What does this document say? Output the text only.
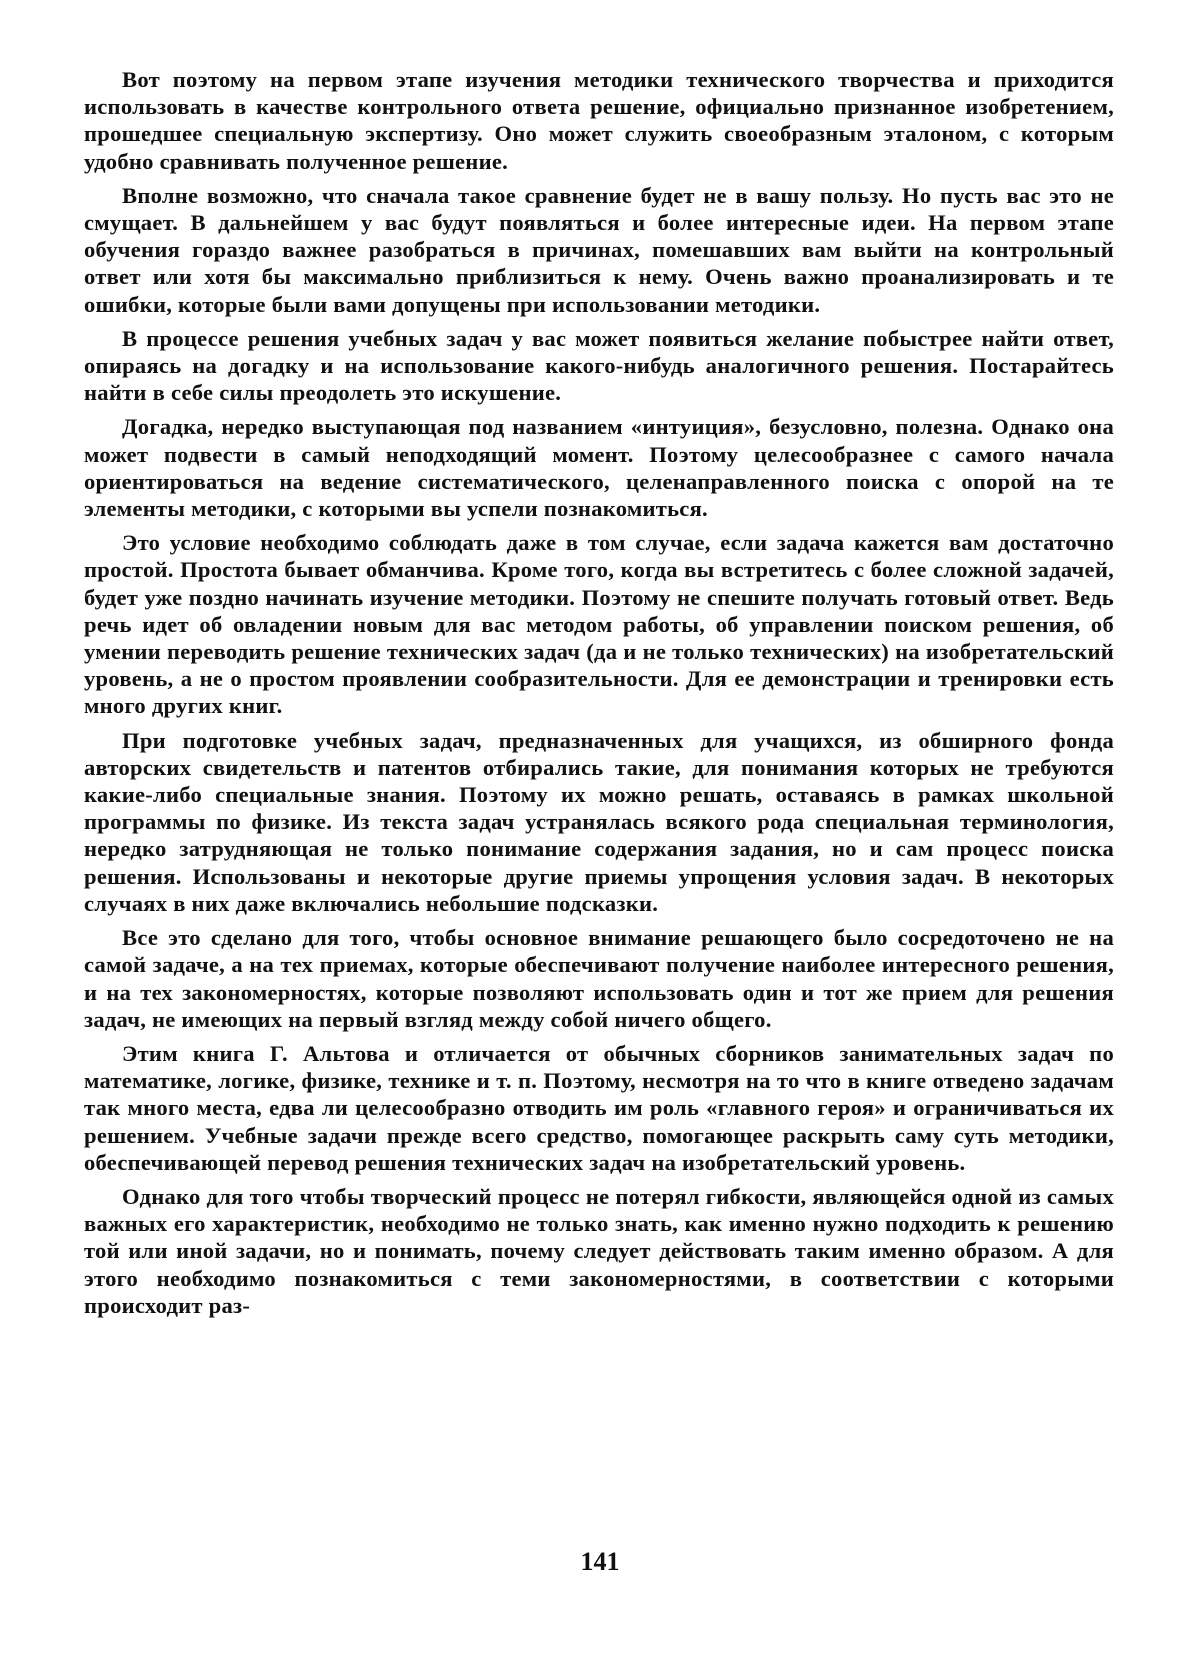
Вот поэтому на первом этапе изучения методики технического творчества и приходится использовать в качестве контрольного ответа решение, официально признанное изобретением, прошедшее специальную экспертизу. Оно может служить своеобразным эталоном, с которым удобно сравнивать полученное решение.

Вполне возможно, что сначала такое сравнение будет не в вашу пользу. Но пусть вас это не смущает. В дальнейшем у вас будут появляться и более интересные идеи. На первом этапе обучения гораздо важнее разобраться в причинах, помешавших вам выйти на контрольный ответ или хотя бы максимально приблизиться к нему. Очень важно проанализировать и те ошибки, которые были вами допущены при использовании методики.

В процессе решения учебных задач у вас может появиться желание побыстрее найти ответ, опираясь на догадку и на использование какого-нибудь аналогичного решения. Постарайтесь найти в себе силы преодолеть это искушение.

Догадка, нередко выступающая под названием «интуиция», безусловно, полезна. Однако она может подвести в самый неподходящий момент. Поэтому целесообразнее с самого начала ориентироваться на ведение систематического, целенаправленного поиска с опорой на те элементы методики, с которыми вы успели познакомиться.

Это условие необходимо соблюдать даже в том случае, если задача кажется вам достаточно простой. Простота бывает обманчива. Кроме того, когда вы встретитесь с более сложной задачей, будет уже поздно начинать изучение методики. Поэтому не спешите получать готовый ответ. Ведь речь идет об овладении новым для вас методом работы, об управлении поиском решения, об умении переводить решение технических задач (да и не только технических) на изобретательский уровень, а не о простом проявлении сообразительности. Для ее демонстрации и тренировки есть много других книг.

При подготовке учебных задач, предназначенных для учащихся, из обширного фонда авторских свидетельств и патентов отбирались такие, для понимания которых не требуются какие-либо специальные знания. Поэтому их можно решать, оставаясь в рамках школьной программы по физике. Из текста задач устранялась всякого рода специальная терминология, нередко затрудняющая не только понимание содержания задания, но и сам процесс поиска решения. Использованы и некоторые другие приемы упрощения условия задач. В некоторых случаях в них даже включались небольшие подсказки.

Все это сделано для того, чтобы основное внимание решающего было сосредоточено не на самой задаче, а на тех приемах, которые обеспечивают получение наиболее интересного решения, и на тех закономерностях, которые позволяют использовать один и тот же прием для решения задач, не имеющих на первый взгляд между собой ничего общего.

Этим книга Г. Альтова и отличается от обычных сборников занимательных задач по математике, логике, физике, технике и т. п. Поэтому, несмотря на то что в книге отведено задачам так много места, едва ли целесообразно отводить им роль «главного героя» и ограничиваться их решением. Учебные задачи прежде всего средство, помогающее раскрыть саму суть методики, обеспечивающей перевод решения технических задач на изобретательский уровень.

Однако для того чтобы творческий процесс не потерял гибкости, являющейся одной из самых важных его характеристик, необходимо не только знать, как именно нужно подходить к решению той или иной задачи, но и понимать, почему следует действовать таким именно образом. А для этого необходимо познакомиться с теми закономерностями, в соответствии с которыми происходит раз-

141
